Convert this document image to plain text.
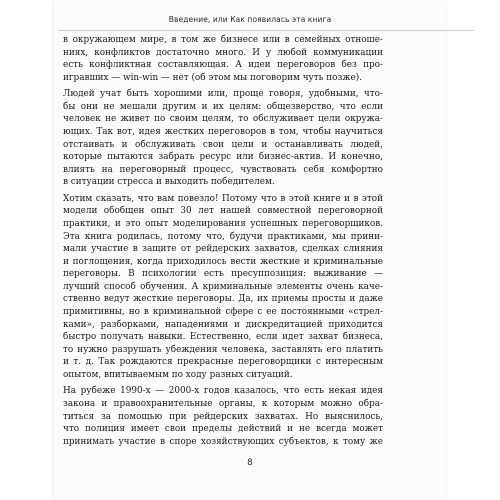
Введение, или Как появилась эта книга
в окружающем мире, в том же бизнесе или в семейных отноше-
ниях, конфликтов достаточно много. И у любой коммуникации
есть конфликтная составляющая. А идеи переговоров без про-
игравших — win-win — нет (об этом мы поговорим чуть позже).
Людей учат быть хорошими или, проще говоря, удобными, что-
бы они не мешали другим и их целям: общезверство, что если
человек не живет по своим целям, то обслуживает цели окружа-
ющих. Так вот, идея жестких переговоров в том, чтобы научиться
отстаивать и обслуживать свои цели и останавливать людей,
которые пытаются забрать ресурс или бизнес-актив. И конечно,
влиять на переговорный процесс, чувствовать себя комфортно
в ситуации стресса и выходить победителем.
Хотим сказать, что вам повезло! Потому что в этой книге и в этой
модели обобщен опыт 30 лет нашей совместной переговорной
практики, и это опыт моделирования успешных переговорщиков.
Эта книга родилась, потому что, будучи практиками, мы прини-
мали участие в защите от рейдерских захватов, сделках слияния
и поглощения, когда приходилось вести жесткие и криминальные
переговоры. В психологии есть пресуппозиция: выживание —
лучший способ обучения. А криминальные элементы очень каче-
ственно ведут жесткие переговоры. Да, их приемы просты и даже
примитивны, но в криминальной сфере с ее постоянными «стрел-
ками», разборками, нападениями и дискредитацией приходится
быстро получать навыки. Естественно, если идет захват бизнеса,
то нужно разрушать убеждения человека, заставлять его платить
и т. д. Так рождаются прекрасные переговорщики с интересным
опытом, впитываемым по ходу разных ситуаций.
На рубеже 1990-х — 2000-х годов казалось, что есть некая идея
закона и правоохранительные органы, к которым можно обра-
титься за помощью при рейдерских захватах. Но выяснилось,
что полиция имеет свои пределы действий и не всегда может
принимать участие в споре хозяйствующих субъектов, к тому же
8
